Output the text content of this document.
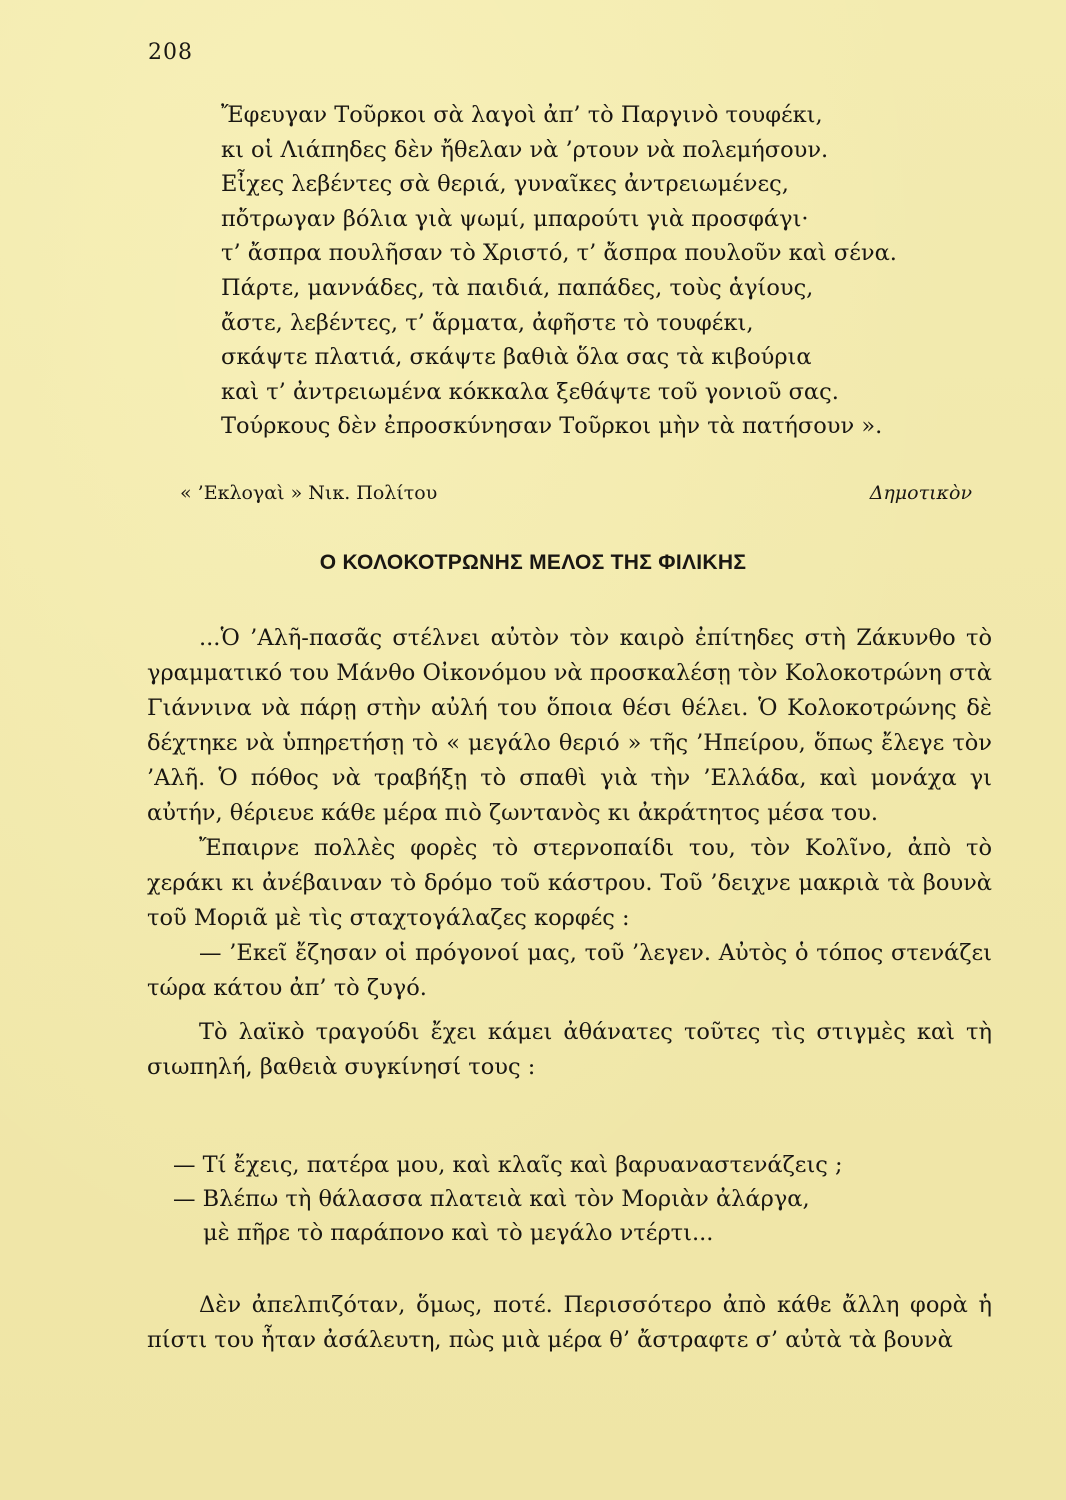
208
Ἔφευγαν Τοῦρκοι σὰ λαγοὶ ἀπ’ τὸ Παργινὸ τουφέκι,
κι οἱ Λιάπηδες δὲν ἤθελαν νὰ ’ρτουν νὰ πολεμήσουν.
Εἶχες λεβέντες σὰ θεριά, γυναῖκες ἀντρειωμένες,
πὄτρωγαν βόλια γιὰ ψωμί, μπαρούτι γιὰ προσφάγι·
τ’ ἄσπρα πουλῆσαν τὸ Χριστό, τ’ ἄσπρα πουλοῦν καὶ σένα.
Πάρτε, μαννάδες, τὰ παιδιά, παπάδες, τοὺς ἁγίους,
ἄστε, λεβέντες, τ’ ἅρματα, ἀφῆστε τὸ τουφέκι,
σκάψτε πλατιά, σκάψτε βαθιὰ ὅλα σας τὰ κιβούρια
καὶ τ’ ἀντρειωμένα κόκκαλα ξεθάψτε τοῦ γονιοῦ σας.
Τούρκους δὲν ἐπροσκύνησαν Τοῦρκοι μὴν τὰ πατήσουν ».
« ’Εκλογαὶ » Νικ. Πολίτου	Δημοτικὸν
Ο ΚΟΛΟΚΟΤΡΩΝΗΣ ΜΕΛΟΣ ΤΗΣ ΦΙΛΙΚΗΣ

...Ὁ ’Αλῆ-πασᾶς στέλνει αὐτὸν τὸν καιρὸ ἐπίτηδες στὴ Ζάκυνθο τὸ γραμματικό του Μάνθο Οἰκονόμου νὰ προσκαλέσῃ τὸν Κολοκοτρώνη στὰ Γιάννινα νὰ πάρῃ στὴν αὐλή του ὅποια θέσι θέλει. Ὁ Κολοκοτρώνης δὲ δέχτηκε νὰ ὑπηρετήσῃ τὸ « μεγάλο θεριό » τῆς ’Ηπείρου, ὅπως ἔλεγε τὸν ’Αλῆ. Ὁ πόθος νὰ τραβήξῃ τὸ σπαθὶ γιὰ τὴν ’Ελλάδα, καὶ μονάχα γι αὐτήν, θέριευε κάθε μέρα πιὸ ζωντανὸς κι ἀκράτητος μέσα του.

Ἔπαιρνε πολλὲς φορὲς τὸ στερνοπαίδι του, τὸν Κολῖνο, ἀπὸ τὸ χεράκι κι ἀνέβαιναν τὸ δρόμο τοῦ κάστρου. Τοῦ ’δειχνε μακριὰ τὰ βουνὰ τοῦ Μοριᾶ μὲ τὶς σταχτογάλαζες κορφές :

— ’Εκεῖ ἔζησαν οἱ πρόγονοί μας, τοῦ ’λεγεν. Αὐτὸς ὁ τόπος στενάζει τώρα κάτου ἀπ’ τὸ ζυγό.

Τὸ λαϊκὸ τραγούδι ἔχει κάμει ἀθάνατες τοῦτες τὶς στιγμὲς καὶ τὴ σιωπηλή, βαθειὰ συγκίνησί τους :

— Τί ἔχεις, πατέρα μου, καὶ κλαῖς καὶ βαρυαναστενάζεις ;
— Βλέπω τὴ θάλασσα πλατειὰ καὶ τὸν Μοριὰν ἀλάργα,
μὲ πῆρε τὸ παράπονο καὶ τὸ μεγάλο ντέρτι...

Δὲν ἀπελπιζόταν, ὅμως, ποτέ. Περισσότερο ἀπὸ κάθε ἄλλη φορὰ ἡ πίστι του ἦταν ἀσάλευτη, πὼς μιὰ μέρα θ’ ἄστραφτε σ’ αὐτὰ τὰ βουνὰ
